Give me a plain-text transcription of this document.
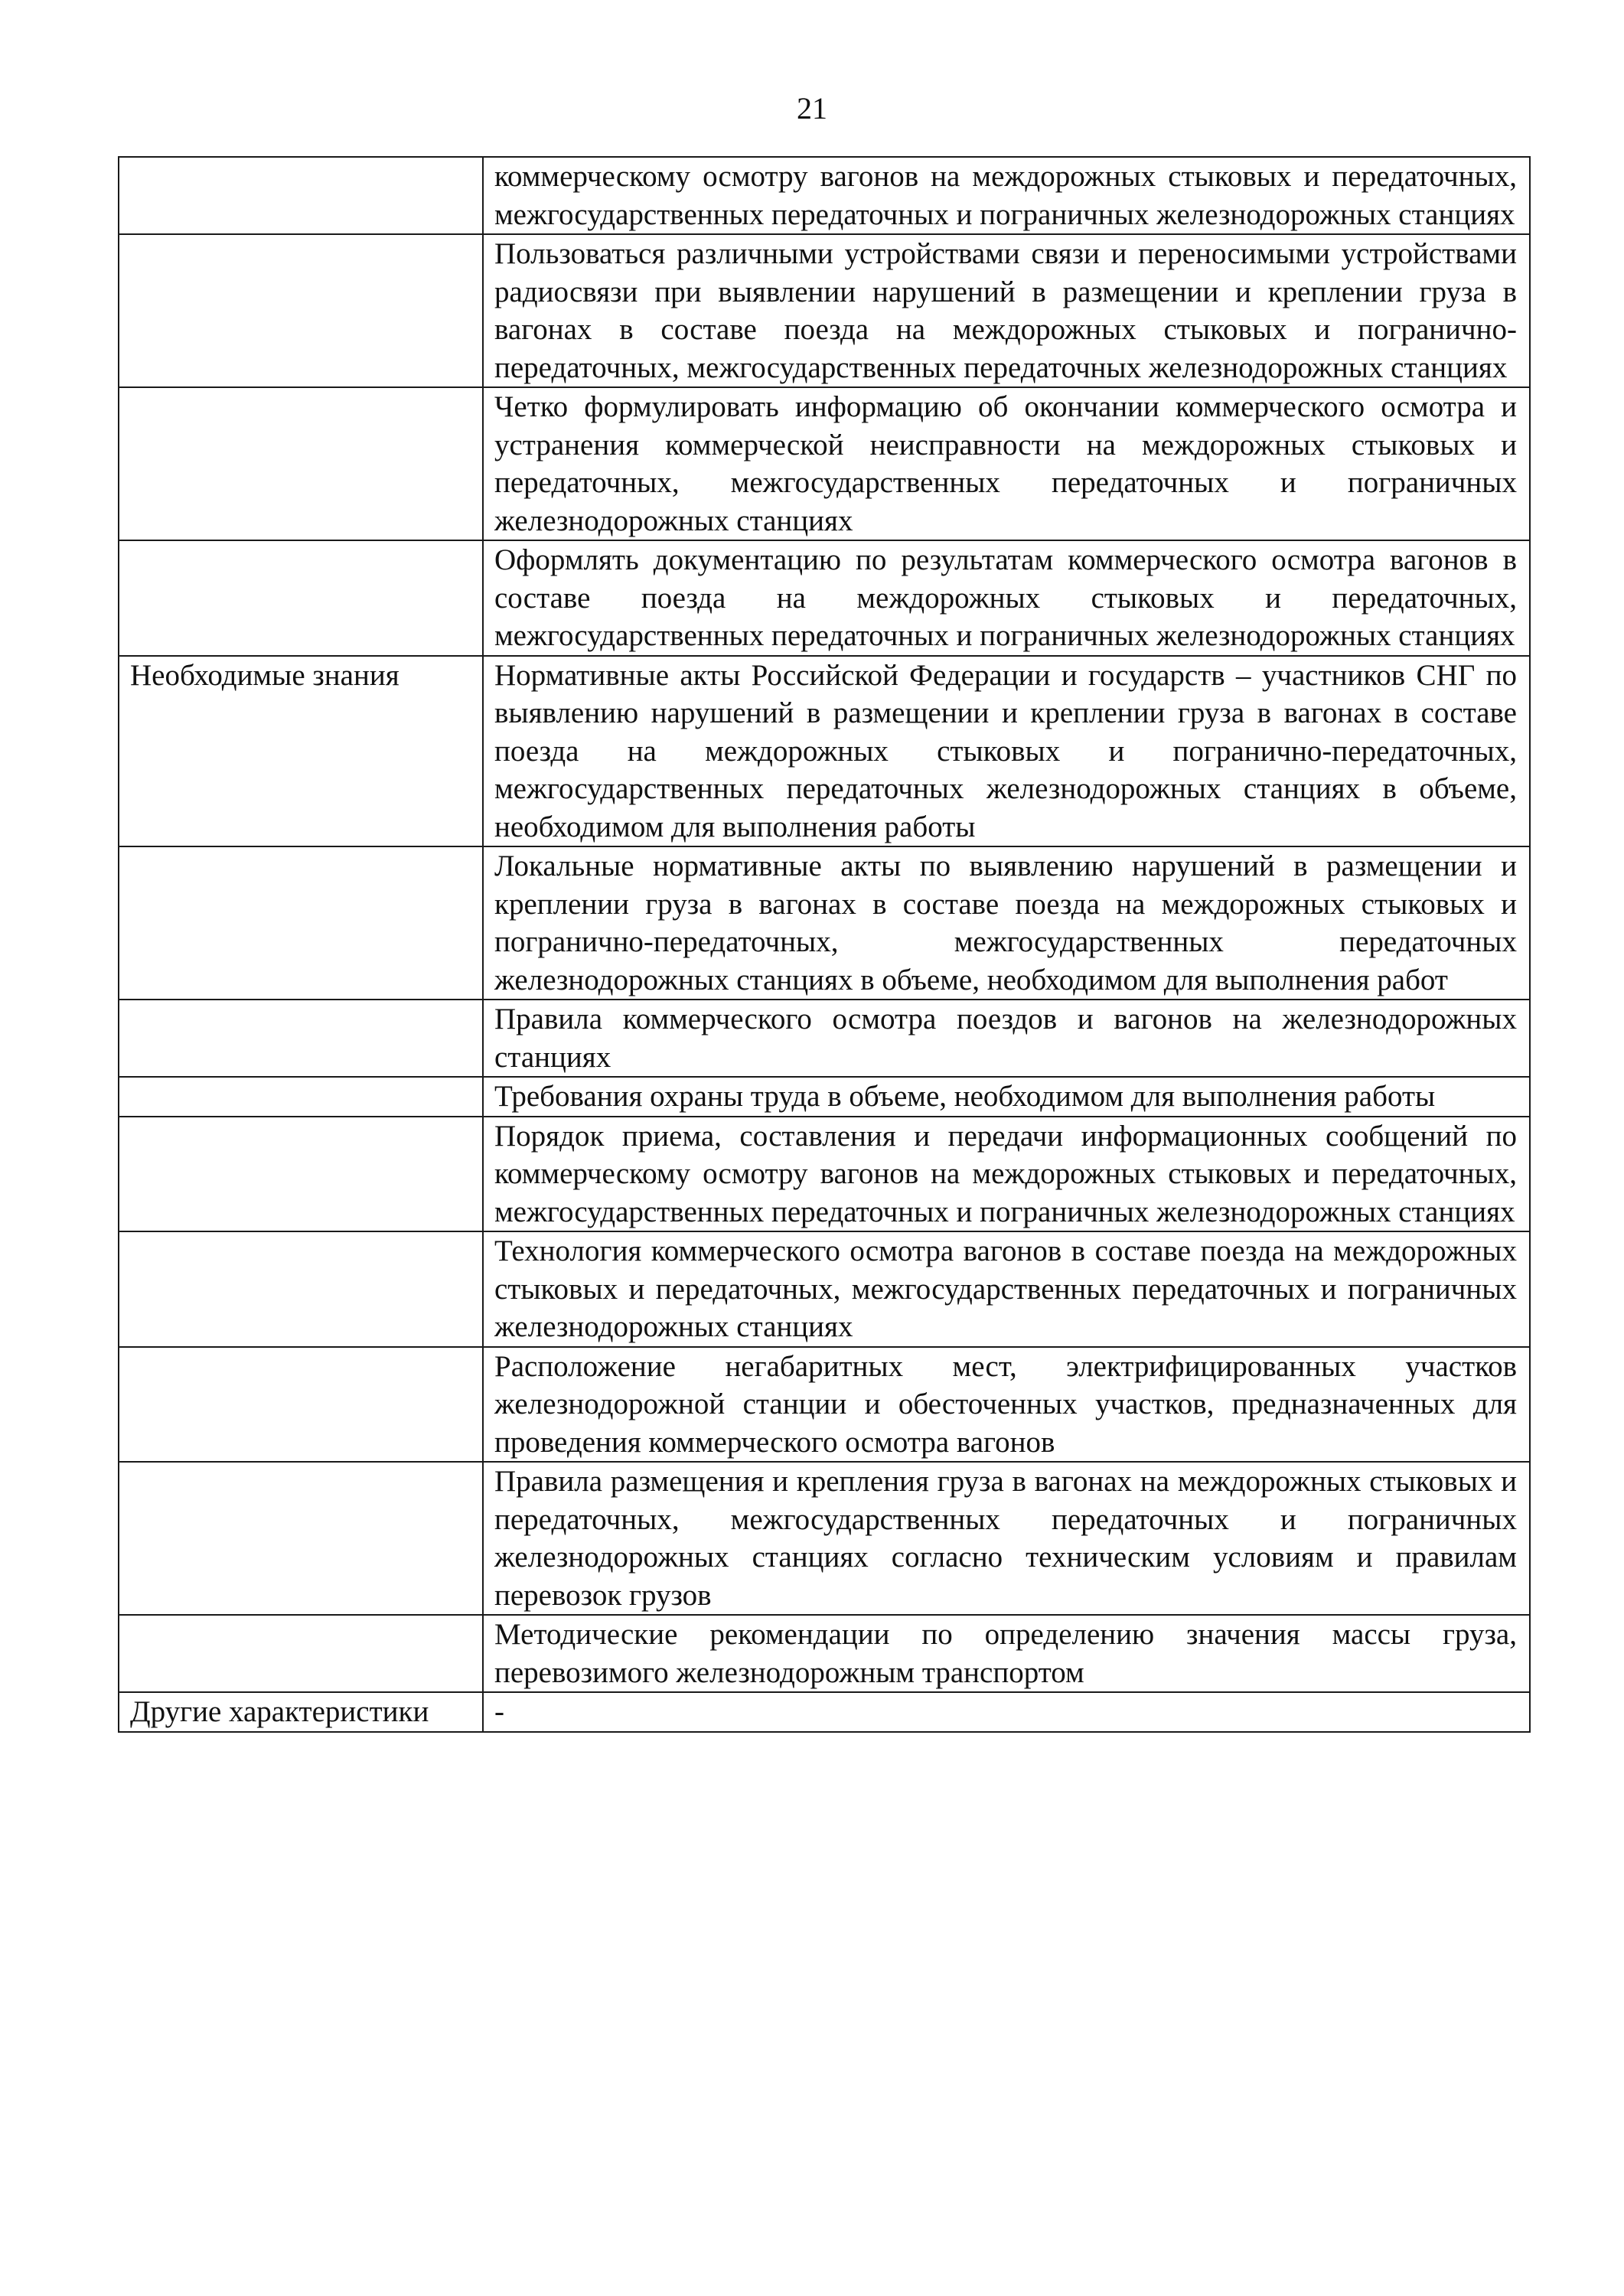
21
	коммерческому осмотру вагонов на междорожных стыковых и передаточных, межгосударственных передаточных и пограничных железнодорожных станциях
	Пользоваться различными устройствами связи и переносимыми устройствами радиосвязи при выявлении нарушений в размещении и креплении груза в вагонах в составе поезда на междорожных стыковых и погранично-передаточных, межгосударственных передаточных железнодорожных станциях
	Четко формулировать информацию об окончании коммерческого осмотра и устранения коммерческой неисправности на междорожных стыковых и передаточных, межгосударственных передаточных и пограничных железнодорожных станциях
	Оформлять документацию по результатам коммерческого осмотра вагонов в составе поезда на междорожных стыковых и передаточных, межгосударственных передаточных и пограничных железнодорожных станциях
Необходимые знания	Нормативные акты Российской Федерации и государств – участников СНГ по выявлению нарушений в размещении и креплении груза в вагонах в составе поезда на междорожных стыковых и погранично-передаточных, межгосударственных передаточных железнодорожных станциях в объеме, необходимом для выполнения работы
	Локальные нормативные акты по выявлению нарушений в размещении и креплении груза в вагонах в составе поезда на междорожных стыковых и погранично-передаточных, межгосударственных передаточных железнодорожных станциях в объеме, необходимом для выполнения работ
	Правила коммерческого осмотра поездов и вагонов на железнодорожных станциях
	Требования охраны труда в объеме, необходимом для выполнения работы
	Порядок приема, составления и передачи информационных сообщений по коммерческому осмотру вагонов на междорожных стыковых и передаточных, межгосударственных передаточных и пограничных железнодорожных станциях
	Технология коммерческого осмотра вагонов в составе поезда на междорожных стыковых и передаточных, межгосударственных передаточных и пограничных железнодорожных станциях
	Расположение негабаритных мест, электрифицированных участков железнодорожной станции и обесточенных участков, предназначенных для проведения коммерческого осмотра вагонов
	Правила размещения и крепления груза в вагонах на междорожных стыковых и передаточных, межгосударственных передаточных и пограничных железнодорожных станциях согласно техническим условиям и правилам перевозок грузов
	Методические рекомендации по определению значения массы груза, перевозимого железнодорожным транспортом
Другие характеристики	-
